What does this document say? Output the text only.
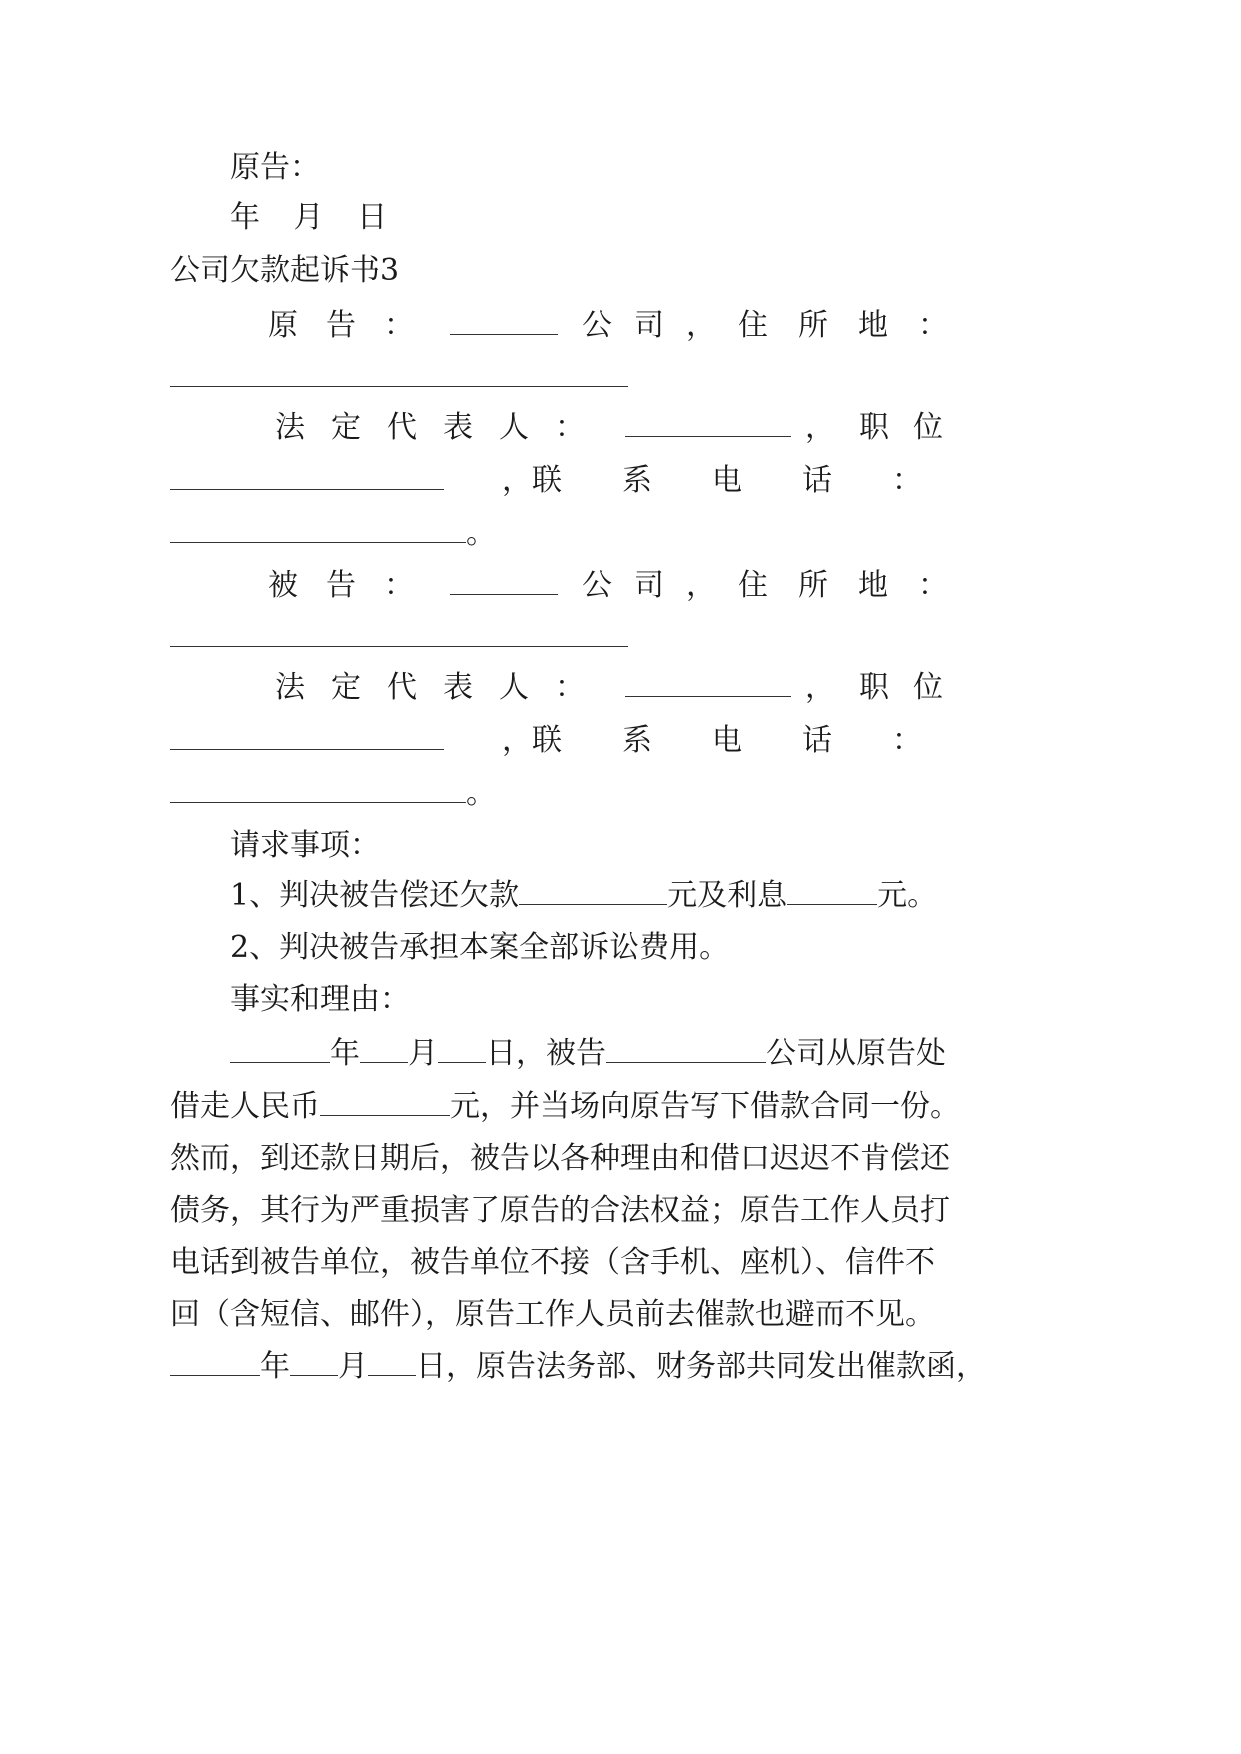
原告：

年 月 日

公司欠款起诉书3

原告：	公司， 住所地：
法定代表人：	，职位
， 联系电话：
。
被告：	公司， 住所地：
法定代表人：	，职位
， 联系电话：
。

请求事项：

1、判决被告偿还欠款	元及利息	元。

2、判决被告承担本案全部诉讼费用。

事实和理由：

年 月 日，被告	公司从原告处
借走人民币	元，并当场向原告写下借款合同一份。

然而，到还款日期后，被告以各种理由和借口迟迟不肯偿还

债务，其行为严重损害了原告的合法权益；原告工作人员打

电话到被告单位，被告单位不接（含手机、座机）、信件不

回（含短信、邮件），原告工作人员前去催款也避而不见。

年 月 日，原告法务部、财务部共同发出催款函，
